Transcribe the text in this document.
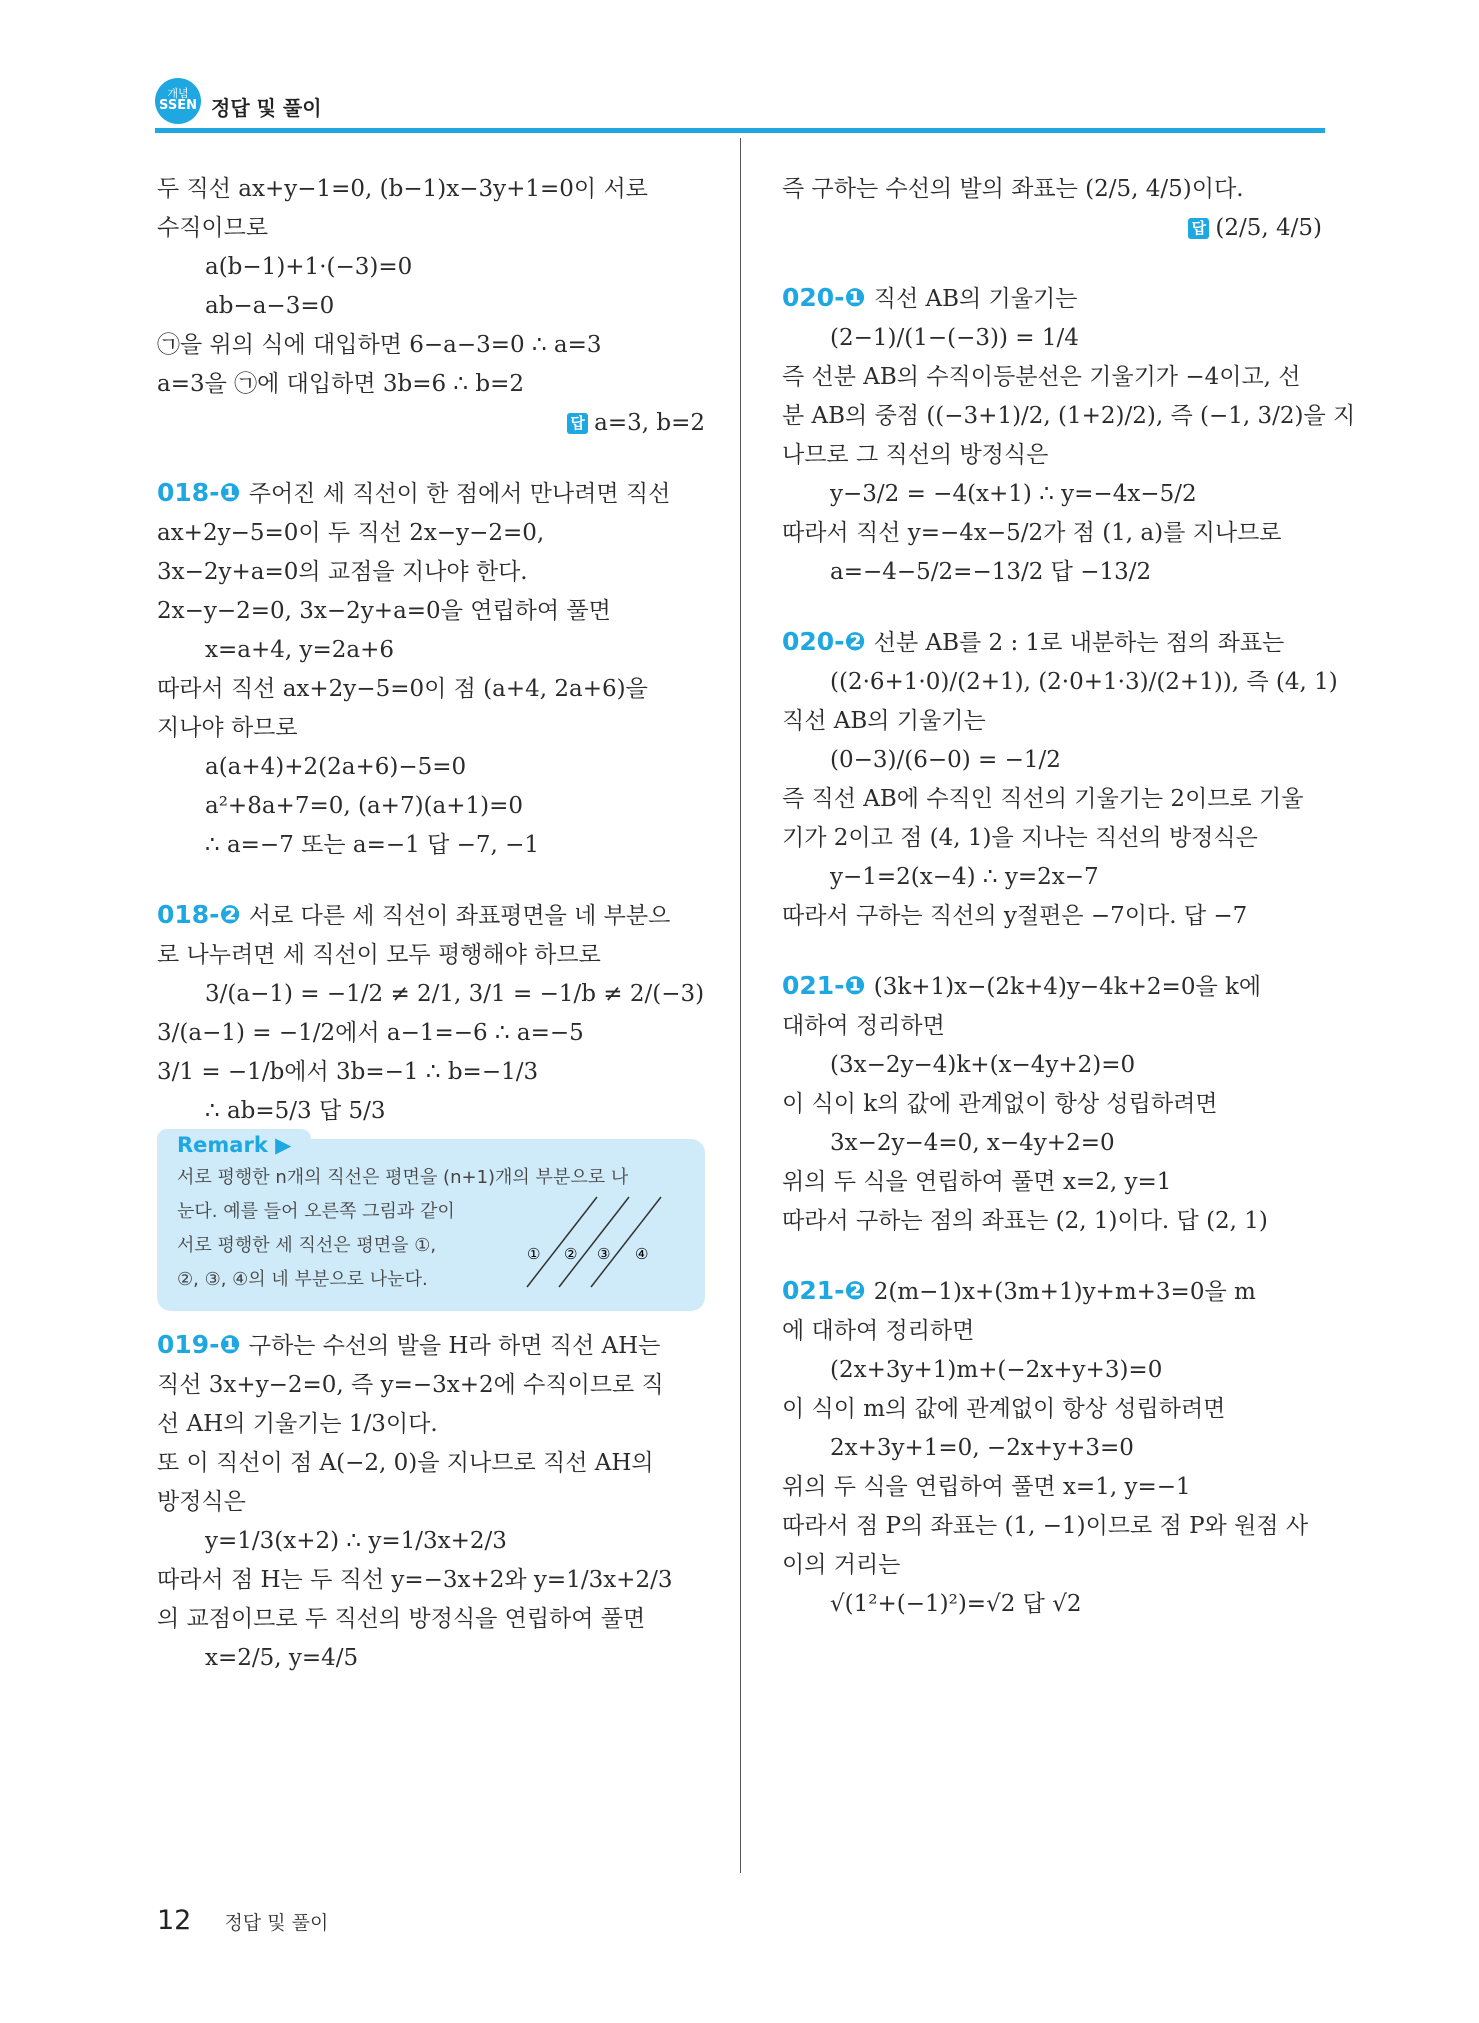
개념
SSEN 정답 및 풀이
두 직선 ax+y−1=0, (b−1)x−3y+1=0이 서로
수직이므로
a(b−1)+1·(−3)=0
ab−a−3=0
㉠을 위의 식에 대입하면 6−a−3=0 ∴ a=3
a=3을 ㉠에 대입하면 3b=6 ∴ b=2
답 a=3, b=2
018-❶ 주어진 세 직선이 한 점에서 만나려면 직선
ax+2y−5=0이 두 직선 2x−y−2=0,
3x−2y+a=0의 교점을 지나야 한다.
2x−y−2=0, 3x−2y+a=0을 연립하여 풀면
x=a+4, y=2a+6
따라서 직선 ax+2y−5=0이 점 (a+4, 2a+6)을
지나야 하므로
a(a+4)+2(2a+6)−5=0
a²+8a+7=0, (a+7)(a+1)=0
∴ a=−7 또는 a=−1 답 −7, −1
018-❷ 서로 다른 세 직선이 좌표평면을 네 부분으
로 나누려면 세 직선이 모두 평행해야 하므로
3/(a−1) = −1/2 ≠ 2/1, 3/1 = −1/b ≠ 2/(−3)
3/(a−1) = −1/2에서 a−1=−6 ∴ a=−5
3/1 = −1/b에서 3b=−1 ∴ b=−1/3
∴ ab=5/3 답 5/3
Remark ▶
① ② ③ ④
서로 평행한 n개의 직선은 평면을 (n+1)개의 부분으로 나
눈다. 예를 들어 오른쪽 그림과 같이
서로 평행한 세 직선은 평면을 ①,
②, ③, ④의 네 부분으로 나눈다.
019-❶ 구하는 수선의 발을 H라 하면 직선 AH는
직선 3x+y−2=0, 즉 y=−3x+2에 수직이므로 직
선 AH의 기울기는 1/3이다.
또 이 직선이 점 A(−2, 0)을 지나므로 직선 AH의
방정식은
y=1/3(x+2) ∴ y=1/3x+2/3
따라서 점 H는 두 직선 y=−3x+2와 y=1/3x+2/3
의 교점이므로 두 직선의 방정식을 연립하여 풀면
x=2/5, y=4/5
즉 구하는 수선의 발의 좌표는 (2/5, 4/5)이다.
답 (2/5, 4/5)
020-❶ 직선 AB의 기울기는
(2−1)/(1−(−3)) = 1/4
즉 선분 AB의 수직이등분선은 기울기가 −4이고, 선
분 AB의 중점 ((−3+1)/2, (1+2)/2), 즉 (−1, 3/2)을 지
나므로 그 직선의 방정식은
y−3/2 = −4(x+1) ∴ y=−4x−5/2
따라서 직선 y=−4x−5/2가 점 (1, a)를 지나므로
a=−4−5/2=−13/2 답 −13/2
020-❷ 선분 AB를 2 : 1로 내분하는 점의 좌표는
((2·6+1·0)/(2+1), (2·0+1·3)/(2+1)), 즉 (4, 1)
직선 AB의 기울기는
(0−3)/(6−0) = −1/2
즉 직선 AB에 수직인 직선의 기울기는 2이므로 기울
기가 2이고 점 (4, 1)을 지나는 직선의 방정식은
y−1=2(x−4) ∴ y=2x−7
따라서 구하는 직선의 y절편은 −7이다. 답 −7
021-❶ (3k+1)x−(2k+4)y−4k+2=0을 k에
대하여 정리하면
(3x−2y−4)k+(x−4y+2)=0
이 식이 k의 값에 관계없이 항상 성립하려면
3x−2y−4=0, x−4y+2=0
위의 두 식을 연립하여 풀면 x=2, y=1
따라서 구하는 점의 좌표는 (2, 1)이다. 답 (2, 1)
021-❷ 2(m−1)x+(3m+1)y+m+3=0을 m
에 대하여 정리하면
(2x+3y+1)m+(−2x+y+3)=0
이 식이 m의 값에 관계없이 항상 성립하려면
2x+3y+1=0, −2x+y+3=0
위의 두 식을 연립하여 풀면 x=1, y=−1
따라서 점 P의 좌표는 (1, −1)이므로 점 P와 원점 사
이의 거리는
√(1²+(−1)²)=√2 답 √2
12 정답 및 풀이
